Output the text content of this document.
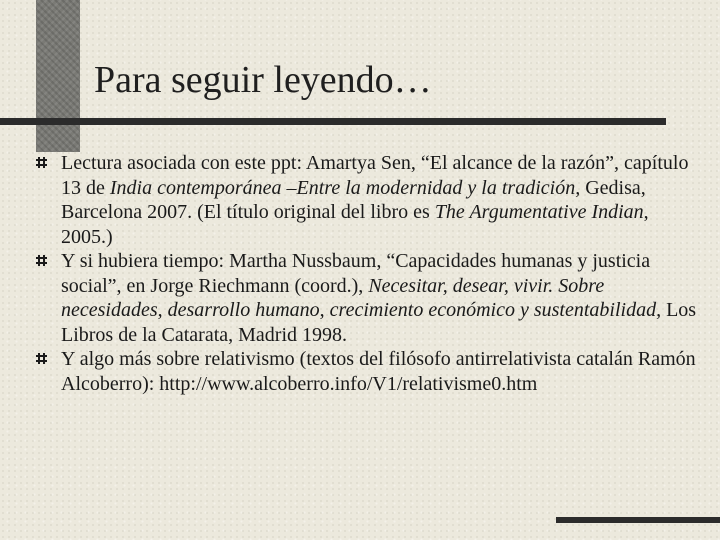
Para seguir leyendo…
Lectura asociada con este ppt: Amartya Sen, “El alcance de la razón”, capítulo 13 de India contemporánea –Entre la modernidad y la tradición, Gedisa, Barcelona 2007. (El título original del libro es The Argumentative Indian, 2005.)
Y si hubiera tiempo: Martha Nussbaum, “Capacidades humanas y justicia social”, en Jorge Riechmann (coord.), Necesitar, desear, vivir. Sobre necesidades, desarrollo humano, crecimiento económico y sustentabilidad, Los Libros de la Catarata, Madrid 1998.
Y algo más sobre relativismo (textos del filósofo antirrelativista catalán Ramón Alcoberro): http://www.alcoberro.info/V1/relativisme0.htm
